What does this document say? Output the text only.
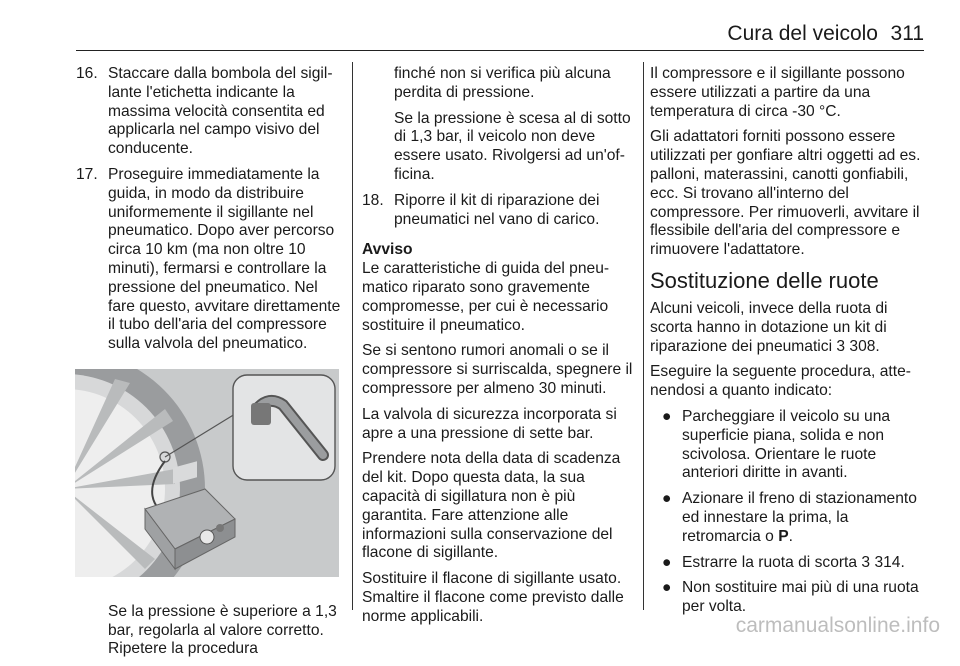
Cura del veicolo 311
16. Staccare dalla bombola del sigillante l'etichetta indicante la massima velocità consentita ed applicarla nel campo visivo del conducente.
17. Proseguire immediatamente la guida, in modo da distribuire uniformemente il sigillante nel pneumatico. Dopo aver percorso circa 10 km (ma non oltre 10 minuti), fermarsi e controllare la pressione del pneumatico. Nel fare questo, avvitare direttamente il tubo dell'aria del compressore sulla valvola del pneumatico.

Se la pressione è superiore a 1,3 bar, regolarla al valore corretto. Ripetere la procedura

finché non si verifica più alcuna perdita di pressione.

Se la pressione è scesa al di sotto di 1,3 bar, il veicolo non deve essere usato. Rivolgersi ad un'officina.

18. Riporre il kit di riparazione dei pneumatici nel vano di carico.

Avviso

Le caratteristiche di guida del pneumatico riparato sono gravemente compromesse, per cui è necessario sostituire il pneumatico.

Se si sentono rumori anomali o se il compressore si surriscalda, spegnere il compressore per almeno 30 minuti.

La valvola di sicurezza incorporata si apre a una pressione di sette bar.

Prendere nota della data di scadenza del kit. Dopo questa data, la sua capacità di sigillatura non è più garantita. Fare attenzione alle informazioni sulla conservazione del flacone di sigillante.

Sostituire il flacone di sigillante usato. Smaltire il flacone come previsto dalle norme applicabili.

Il compressore e il sigillante possono essere utilizzati a partire da una temperatura di circa -30 °C.

Gli adattatori forniti possono essere utilizzati per gonfiare altri oggetti ad es. palloni, materassini, canotti gonfiabili, ecc. Si trovano all'interno del compressore. Per rimuoverli, avvitare il flessibile dell'aria del compressore e rimuovere l'adattatore.

Sostituzione delle ruote

Alcuni veicoli, invece della ruota di scorta hanno in dotazione un kit di riparazione dei pneumatici 3 308.

Eseguire la seguente procedura, attenendosi a quanto indicato:

● Parcheggiare il veicolo su una superficie piana, solida e non scivolosa. Orientare le ruote anteriori diritte in avanti.
● Azionare il freno di stazionamento ed innestare la prima, la retromarcia o P.
● Estrarre la ruota di scorta 3 314.
● Non sostituire mai più di una ruota per volta.
carmanualsonline.info
